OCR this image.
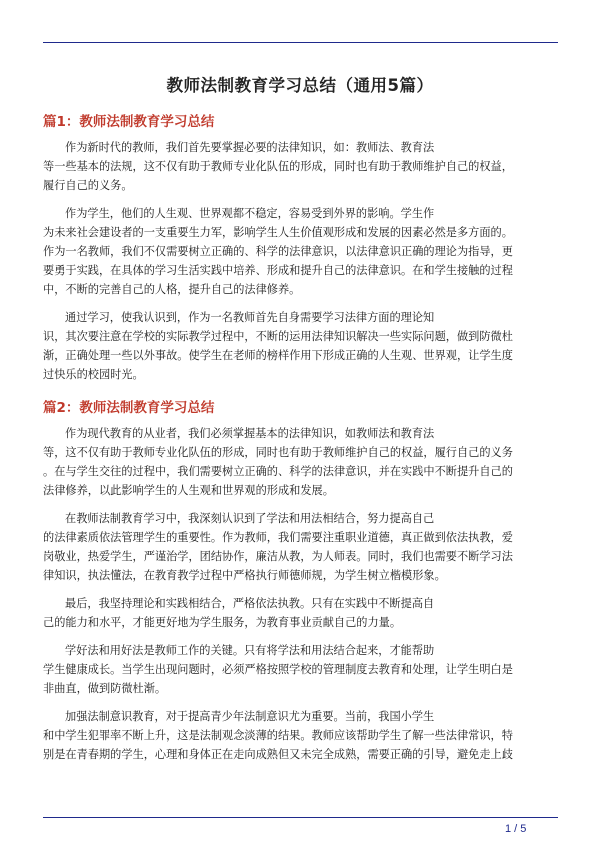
教师法制教育学习总结（通用5篇）
篇1：教师法制教育学习总结

作为新时代的教师，我们首先要掌握必要的法律知识，如：教师法、教育法
等一些基本的法规，这不仅有助于教师专业化队伍的形成，同时也有助于教师维护自己的权益，
履行自己的义务。

作为学生，他们的人生观、世界观都不稳定，容易受到外界的影响。学生作
为未来社会建设者的一支重要生力军，影响学生人生价值观形成和发展的因素必然是多方面的。
作为一名教师，我们不仅需要树立正确的、科学的法律意识，以法律意识正确的理论为指导，更
要勇于实践，在具体的学习生活实践中培养、形成和提升自己的法律意识。在和学生接触的过程
中，不断的完善自己的人格，提升自己的法律修养。

通过学习，使我认识到，作为一名教师首先自身需要学习法律方面的理论知
识，其次要注意在学校的实际教学过程中，不断的运用法律知识解决一些实际问题，做到防微杜
渐，正确处理一些以外事故。使学生在老师的榜样作用下形成正确的人生观、世界观，让学生度
过快乐的校园时光。

篇2：教师法制教育学习总结

作为现代教育的从业者，我们必须掌握基本的法律知识，如教师法和教育法
等，这不仅有助于教师专业化队伍的形成，同时也有助于教师维护自己的权益，履行自己的义务
。在与学生交往的过程中，我们需要树立正确的、科学的法律意识，并在实践中不断提升自己的
法律修养，以此影响学生的人生观和世界观的形成和发展。

在教师法制教育学习中，我深刻认识到了学法和用法相结合，努力提高自己
的法律素质依法管理学生的重要性。作为教师，我们需要注重职业道德，真正做到依法执教，爱
岗敬业，热爱学生，严谨治学，团结协作，廉洁从教，为人师表。同时，我们也需要不断学习法
律知识，执法懂法，在教育教学过程中严格执行师德师规，为学生树立楷模形象。

最后，我坚持理论和实践相结合，严格依法执教。只有在实践中不断提高自
己的能力和水平，才能更好地为学生服务，为教育事业贡献自己的力量。

学好法和用好法是教师工作的关键。只有将学法和用法结合起来，才能帮助
学生健康成长。当学生出现问题时，必须严格按照学校的管理制度去教育和处理，让学生明白是
非曲直，做到防微杜渐。

加强法制意识教育，对于提高青少年法制意识尤为重要。当前，我国小学生
和中学生犯罪率不断上升，这是法制观念淡薄的结果。教师应该帮助学生了解一些法律常识，特
别是在青春期的学生，心理和身体正在走向成熟但又未完全成熟，需要正确的引导，避免走上歧

1 / 5
